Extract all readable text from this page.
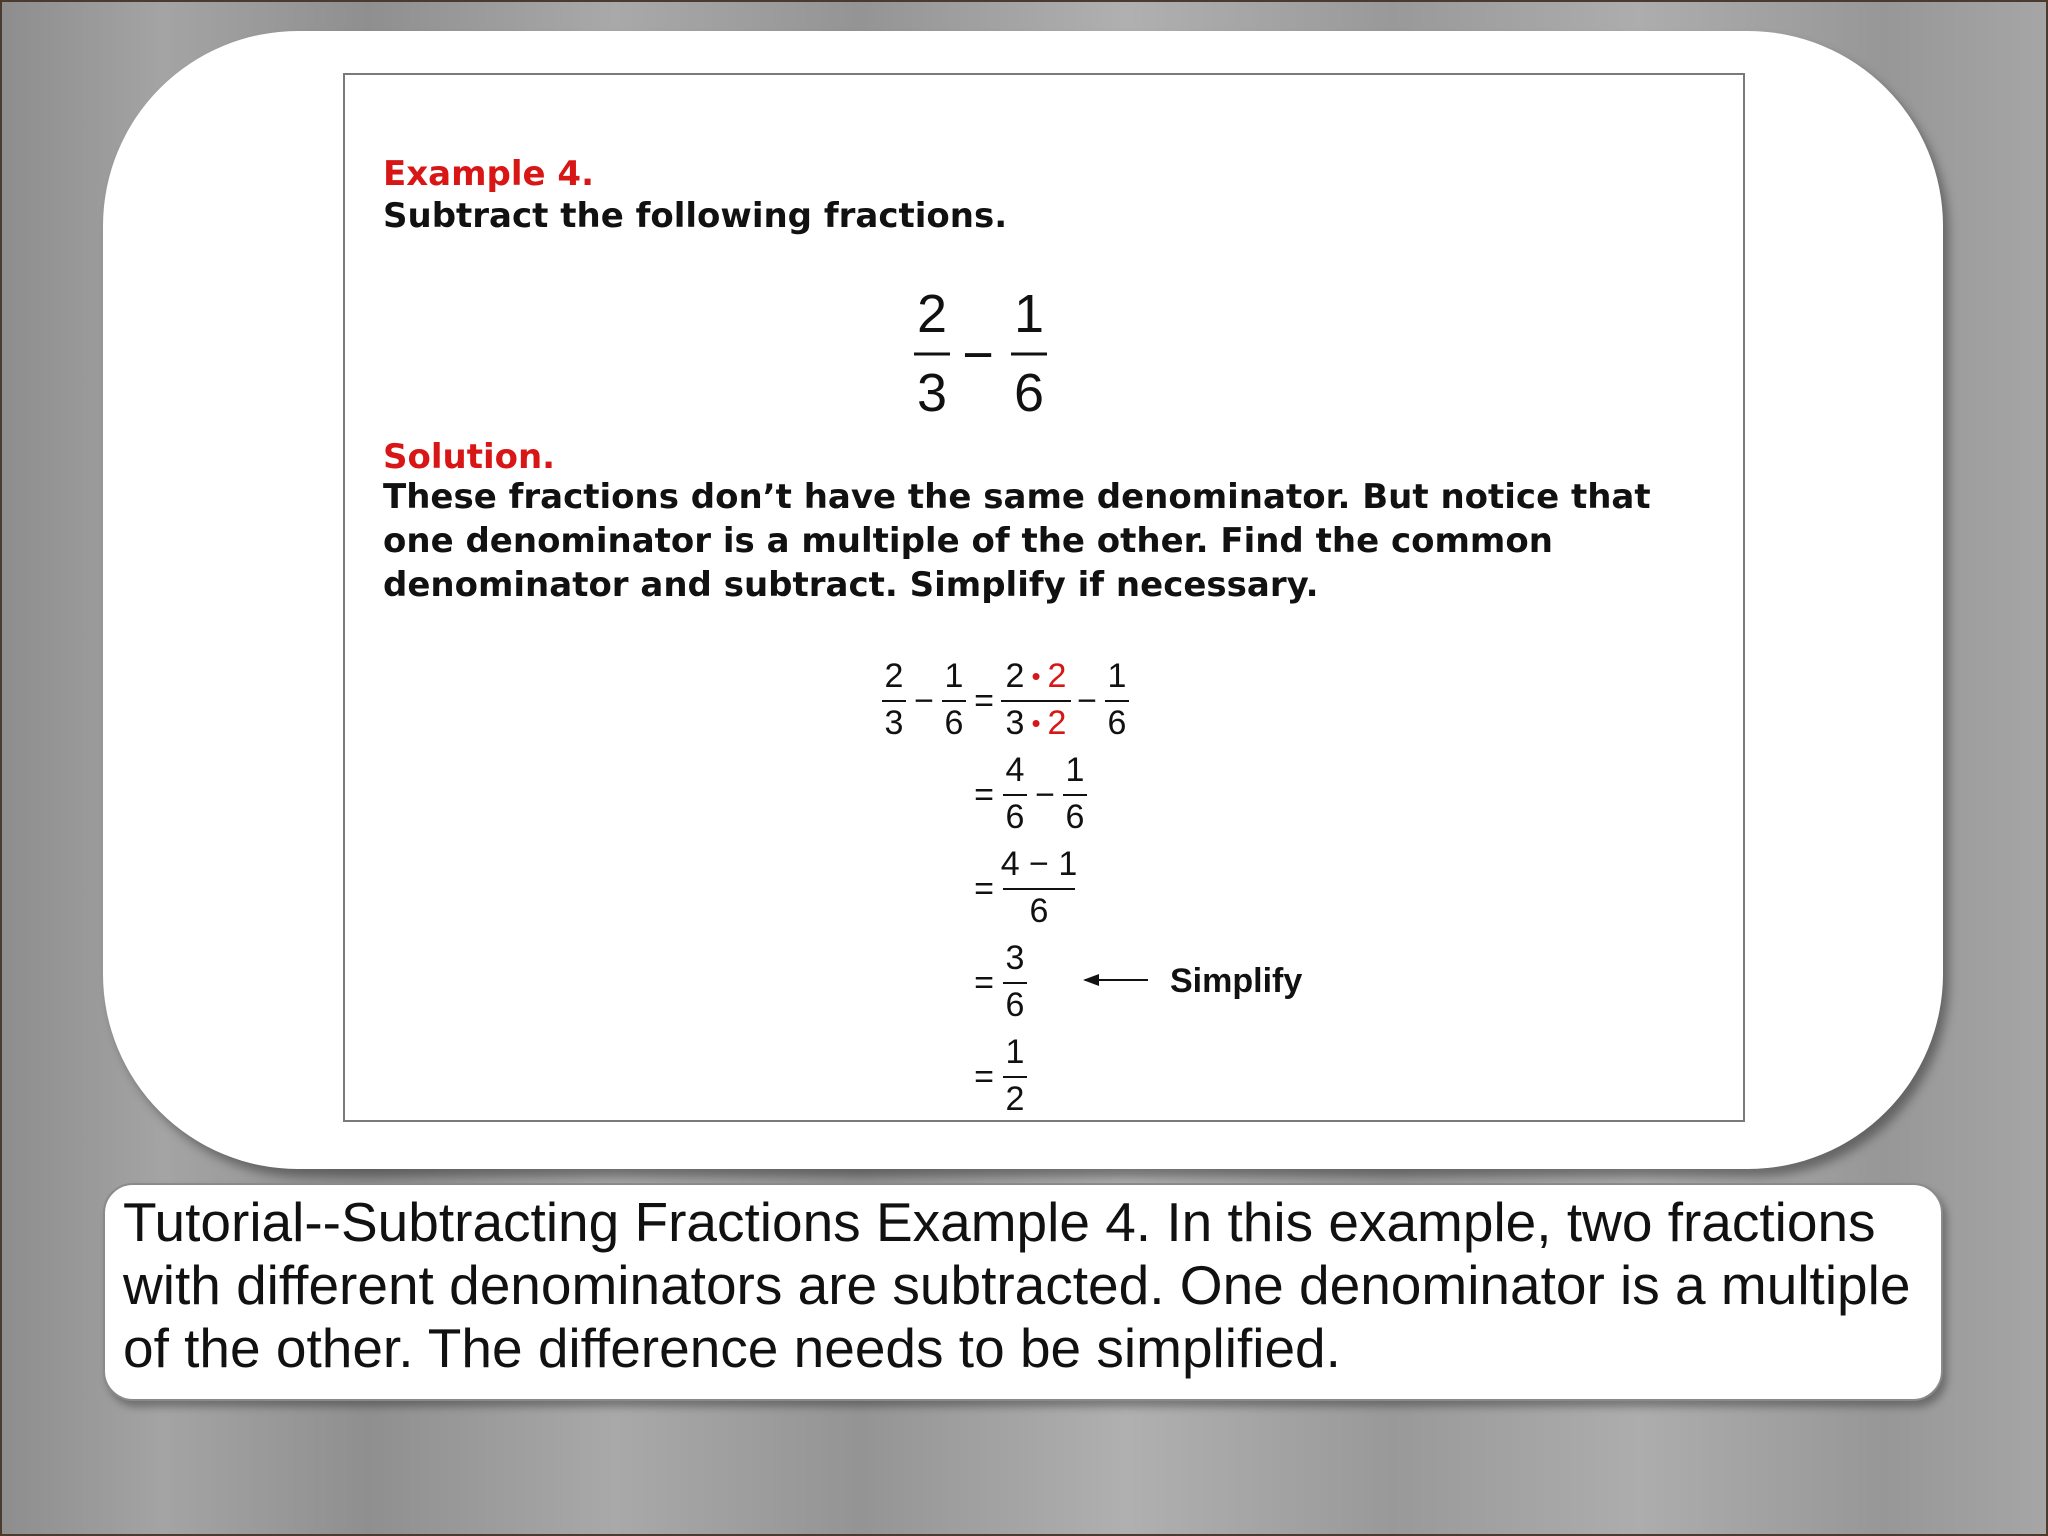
Example 4.

Subtract the following fractions.

2
3
−
1
6
2
3
−
1
6
=
2 • 2
3 • 2
−
1
6
=
4
6
−
1
6
=
4 − 1
6
=
3
6
Simplify
=
1
2

Solution.

These fractions don’t have the same denominator. But notice that one denominator is a multiple of the other. Find the common denominator and subtract. Simplify if necessary.

Tutorial--Subtracting Fractions Example 4. In this example, two fractions with different denominators are subtracted. One denominator is a multiple of the other. The difference needs to be simplified.
